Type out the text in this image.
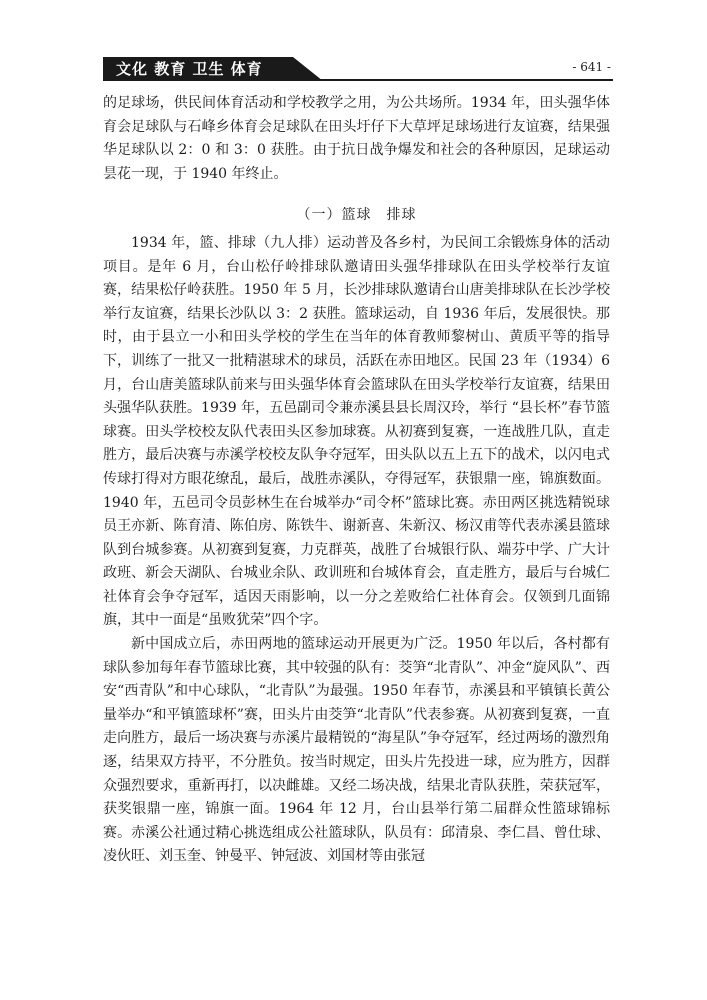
文化 教育 卫生 体育	- 641 -

的足球场，供民间体育活动和学校教学之用，为公共场所。1934 年，田头强华体育会足球队与石峰乡体育会足球队在田头圩仔下大草坪足球场进行友谊赛，结果强华足球队以 2：0 和 3：0 获胜。由于抗日战争爆发和社会的各种原因，足球运动昙花一现，于 1940 年终止。

（一）篮球　排球

1934 年，篮、排球（九人排）运动普及各乡村，为民间工余锻炼身体的活动项目。是年 6 月，台山松仔岭排球队邀请田头强华排球队在田头学校举行友谊赛，结果松仔岭获胜。1950 年 5 月，长沙排球队邀请台山唐美排球队在长沙学校举行友谊赛，结果长沙队以 3：2 获胜。篮球运动，自 1936 年后，发展很快。那时，由于县立一小和田头学校的学生在当年的体育教师黎树山、黄质平等的指导下，训练了一批又一批精湛球术的球员，活跃在赤田地区。民国 23 年（1934）6 月，台山唐美篮球队前来与田头强华体育会篮球队在田头学校举行友谊赛，结果田头强华队获胜。1939 年，五邑副司令兼赤溪县县长周汉玲，举行 “县长杯”春节篮球赛。田头学校校友队代表田头区参加球赛。从初赛到复赛，一连战胜几队，直走胜方，最后决赛与赤溪学校校友队争夺冠军，田头队以五上五下的战术，以闪电式传球打得对方眼花缭乱，最后，战胜赤溪队，夺得冠军，获银鼎一座，锦旗数面。1940 年，五邑司令员彭林生在台城举办“司令杯”篮球比赛。赤田两区挑选精锐球员王亦新、陈育清、陈伯房、陈铁牛、谢新喜、朱新汉、杨汉甫等代表赤溪县篮球队到台城参赛。从初赛到复赛，力克群英，战胜了台城银行队、端芬中学、广大计政班、新会天湖队、台城业余队、政训班和台城体育会，直走胜方，最后与台城仁社体育会争夺冠军，适因天雨影响，以一分之差败给仁社体育会。仅领到几面锦旗，其中一面是“虽败犹荣”四个字。

新中国成立后，赤田两地的篮球运动开展更为广泛。1950 年以后，各村都有球队参加每年春节篮球比赛，其中较强的队有：茭笋“北青队”、冲金“旋风队”、西安“西青队”和中心球队，“北青队”为最强。1950 年春节，赤溪县和平镇镇长黄公量举办“和平镇篮球杯”赛，田头片由茭笋“北青队”代表参赛。从初赛到复赛，一直走向胜方，最后一场决赛与赤溪片最精锐的“海星队”争夺冠军，经过两场的激烈角逐，结果双方持平，不分胜负。按当时规定，田头片先投进一球，应为胜方，因群众强烈要求，重新再打，以决雌雄。又经二场决战，结果北青队获胜，荣获冠军，获奖银鼎一座，锦旗一面。1964 年 12 月，台山县举行第二届群众性篮球锦标赛。赤溪公社通过精心挑选组成公社篮球队，队员有：邱清泉、李仁昌、曾仕球、凌伙旺、刘玉奎、钟曼平、钟冠波、刘国材等由张冠
